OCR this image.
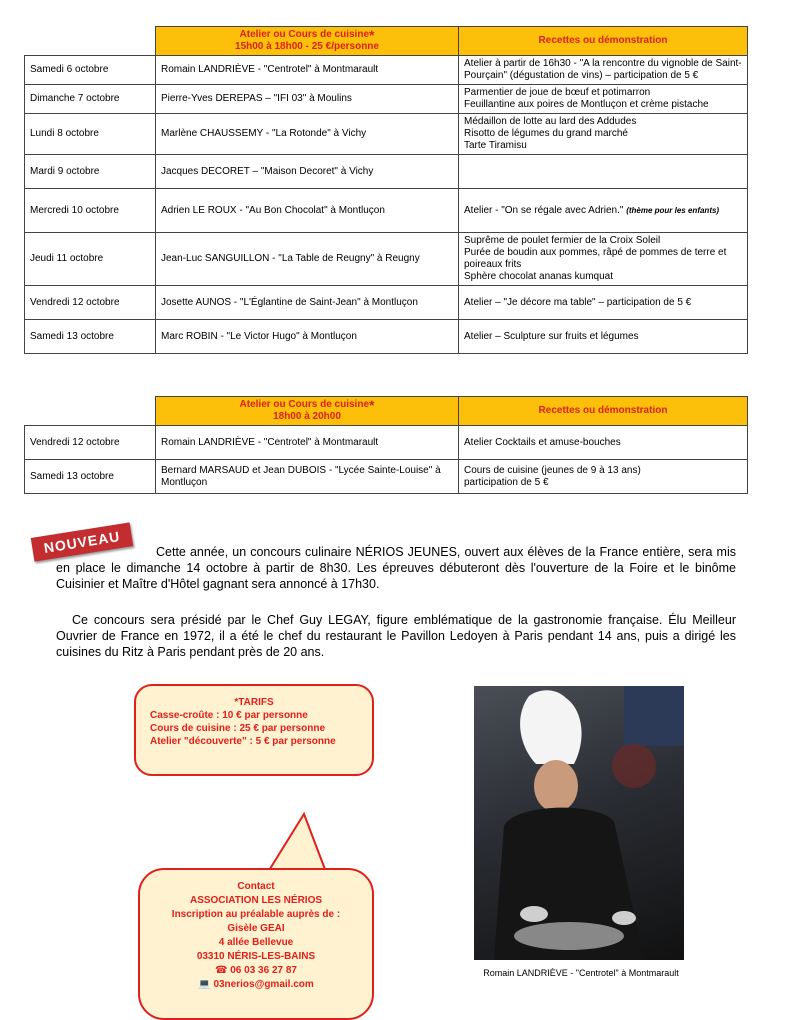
	Atelier ou Cours de cuisine*
15h00 à 18h00 - 25 €/personne	Recettes ou démonstration
Samedi 6 octobre	Romain LANDRIÈVE - "Centrotel" à Montmarault	Atelier à partir de 16h30 - "A la rencontre du vignoble de Saint-Pourçain" (dégustation de vins) – participation de 5 €

Dimanche 7 octobre	Pierre-Yves DEREPAS – "IFI 03" à Moulins	Parmentier de joue de bœuf et potimarron
Feuillantine aux poires de Montluçon et crème pistache

Lundi 8 octobre	Marlène CHAUSSEMY - "La Rotonde" à Vichy	Médaillon de lotte au lard des Addudes
Risotto de légumes du grand marché
Tarte Tiramisu

Mardi 9 octobre	Jacques DECORET – "Maison Decoret" à Vichy	
Mercredi 10 octobre	Adrien LE ROUX - "Au Bon Chocolat" à Montluçon	Atelier - "On se régale avec Adrien." (thème pour les enfants)
Jeudi 11 octobre	Jean-Luc SANGUILLON - "La Table de Reugny" à Reugny	Suprême de poulet fermier de la Croix Soleil
Purée de boudin aux pommes, râpé de pommes de terre et poireaux frits
Sphère chocolat ananas kumquat

Vendredi 12 octobre	Josette AUNOS - "L'Églantine de Saint-Jean" à Montluçon	Atelier – "Je décore ma table" – participation de 5 €

Samedi 13 octobre	Marc ROBIN - "Le Victor Hugo" à Montluçon	Atelier – Sculpture sur fruits et légumes
	Atelier ou Cours de cuisine*
18h00 à 20h00	Recettes ou démonstration
Vendredi 12 octobre	Romain LANDRIÈVE - "Centrotel" à Montmarault	Atelier Cocktails et amuse-bouches

Samedi 13 octobre	Bernard MARSAUD et Jean DUBOIS - "Lycée Sainte-Louise" à Montluçon	Cours de cuisine (jeunes de 9 à 13 ans)
participation de 5 €
NOUVEAU	Cette année, un concours culinaire NÉRIOS JEUNES, ouvert aux élèves de la France entière, sera mis en place le dimanche 14 octobre à partir de 8h30. Les épreuves débuteront dès l'ouverture de la Foire et le binôme Cuisinier et Maître d'Hôtel gagnant sera annoncé à 17h30.
Ce concours sera présidé par le Chef Guy LEGAY, figure emblématique de la gastronomie française. Élu Meilleur Ouvrier de France en 1972, il a été le chef du restaurant le Pavillon Ledoyen à Paris pendant 14 ans, puis a dirigé les cuisines du Ritz à Paris pendant près de 20 ans.
*TARIFS
Casse-croûte : 10 € par personne
Cours de cuisine : 25 € par personne
Atelier "découverte" : 5 € par personne
Contact
ASSOCIATION LES NÉRIOS
Inscription au préalable auprès de :
Gisèle GEAI
4 allée Bellevue
03310 NÉRIS-LES-BAINS
☎ 06 03 36 27 87
💻 03nerios@gmail.com
Romain LANDRIÈVE - "Centrotel" à Montmarault
